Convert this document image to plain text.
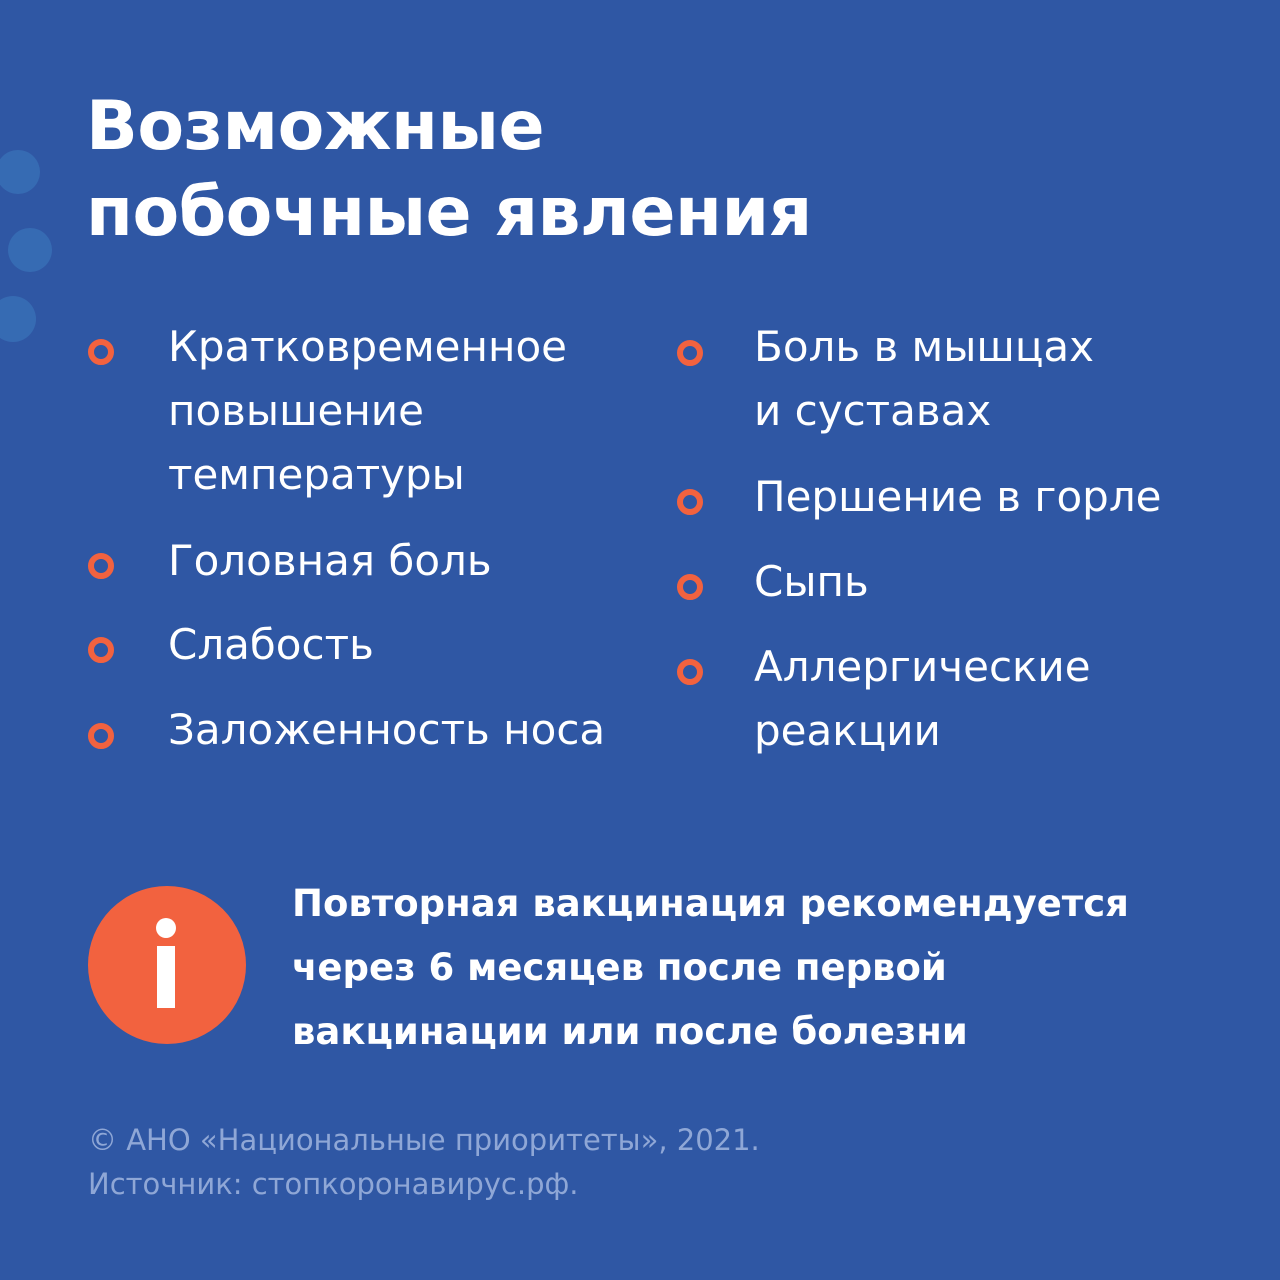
Возможные
побочные явления
Кратковременное
повышение
температуры
Головная боль
Слабость
Заложенность носа
Боль в мышцах
и суставах
Першение в горле
Сыпь
Аллергические
реакции

Повторная вакцинация рекомендуется
через 6 месяцев после первой
вакцинации или после болезни

© АНО «Национальные приоритеты», 2021.
Источник: стопкоронавирус.рф.
